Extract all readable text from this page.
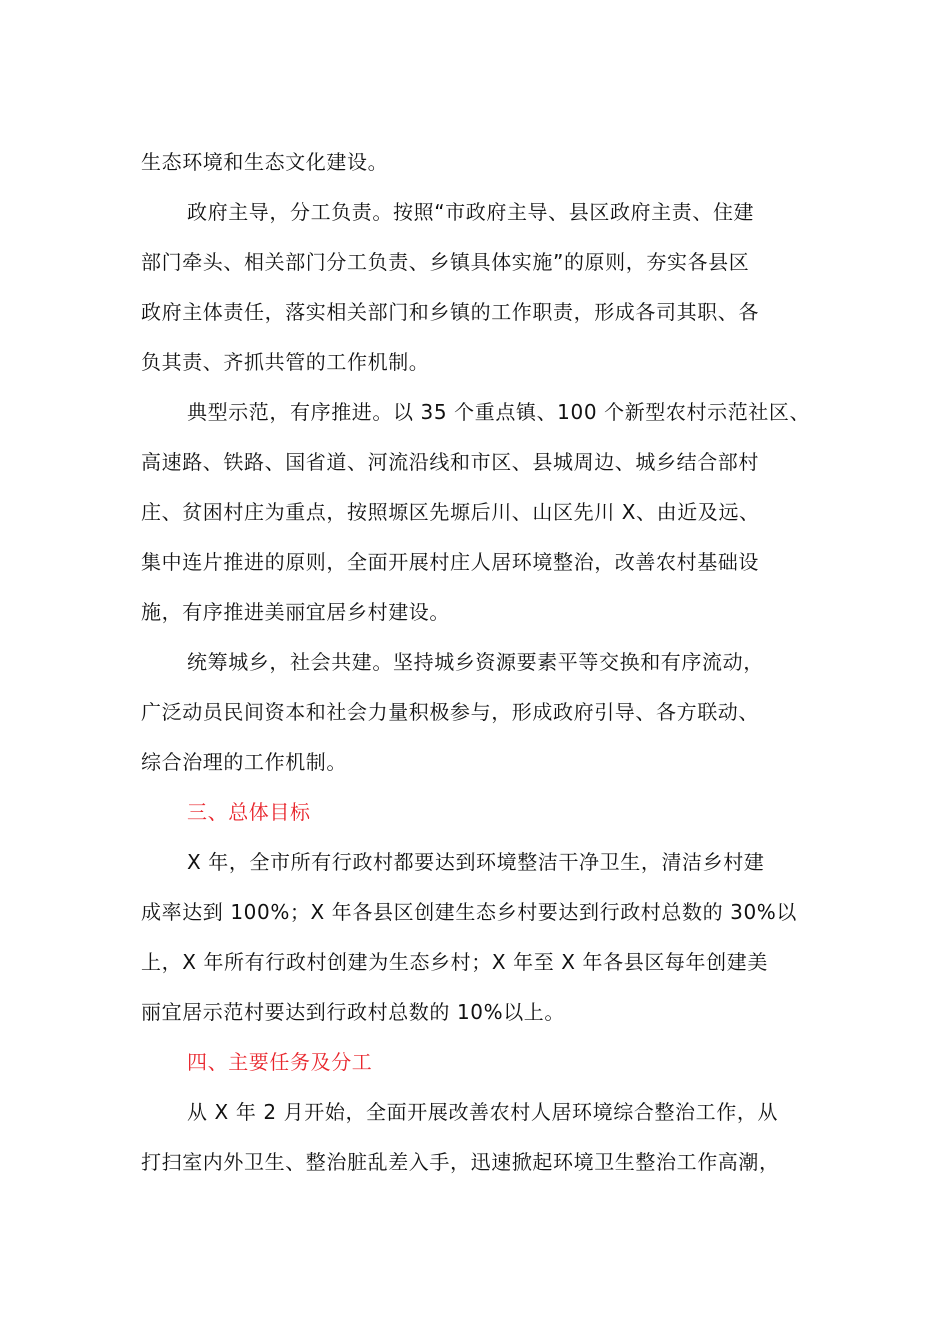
生态环境和生态文化建设。

政府主导，分工负责。按照“市政府主导、县区政府主责、住建
部门牵头、相关部门分工负责、乡镇具体实施”的原则，夯实各县区
政府主体责任，落实相关部门和乡镇的工作职责，形成各司其职、各
负其责、齐抓共管的工作机制。

典型示范，有序推进。以 35 个重点镇、100 个新型农村示范社区、
高速路、铁路、国省道、河流沿线和市区、县城周边、城乡结合部村
庄、贫困村庄为重点，按照塬区先塬后川、山区先川 X、由近及远、
集中连片推进的原则，全面开展村庄人居环境整治，改善农村基础设
施，有序推进美丽宜居乡村建设。

统筹城乡，社会共建。坚持城乡资源要素平等交换和有序流动，
广泛动员民间资本和社会力量积极参与，形成政府引导、各方联动、
综合治理的工作机制。

三、总体目标

X 年，全市所有行政村都要达到环境整洁干净卫生，清洁乡村建
成率达到 100%；X 年各县区创建生态乡村要达到行政村总数的 30%以
上，X 年所有行政村创建为生态乡村；X 年至 X 年各县区每年创建美
丽宜居示范村要达到行政村总数的 10%以上。

四、主要任务及分工

从 X 年 2 月开始，全面开展改善农村人居环境综合整治工作，从
打扫室内外卫生、整治脏乱差入手，迅速掀起环境卫生整治工作高潮，
